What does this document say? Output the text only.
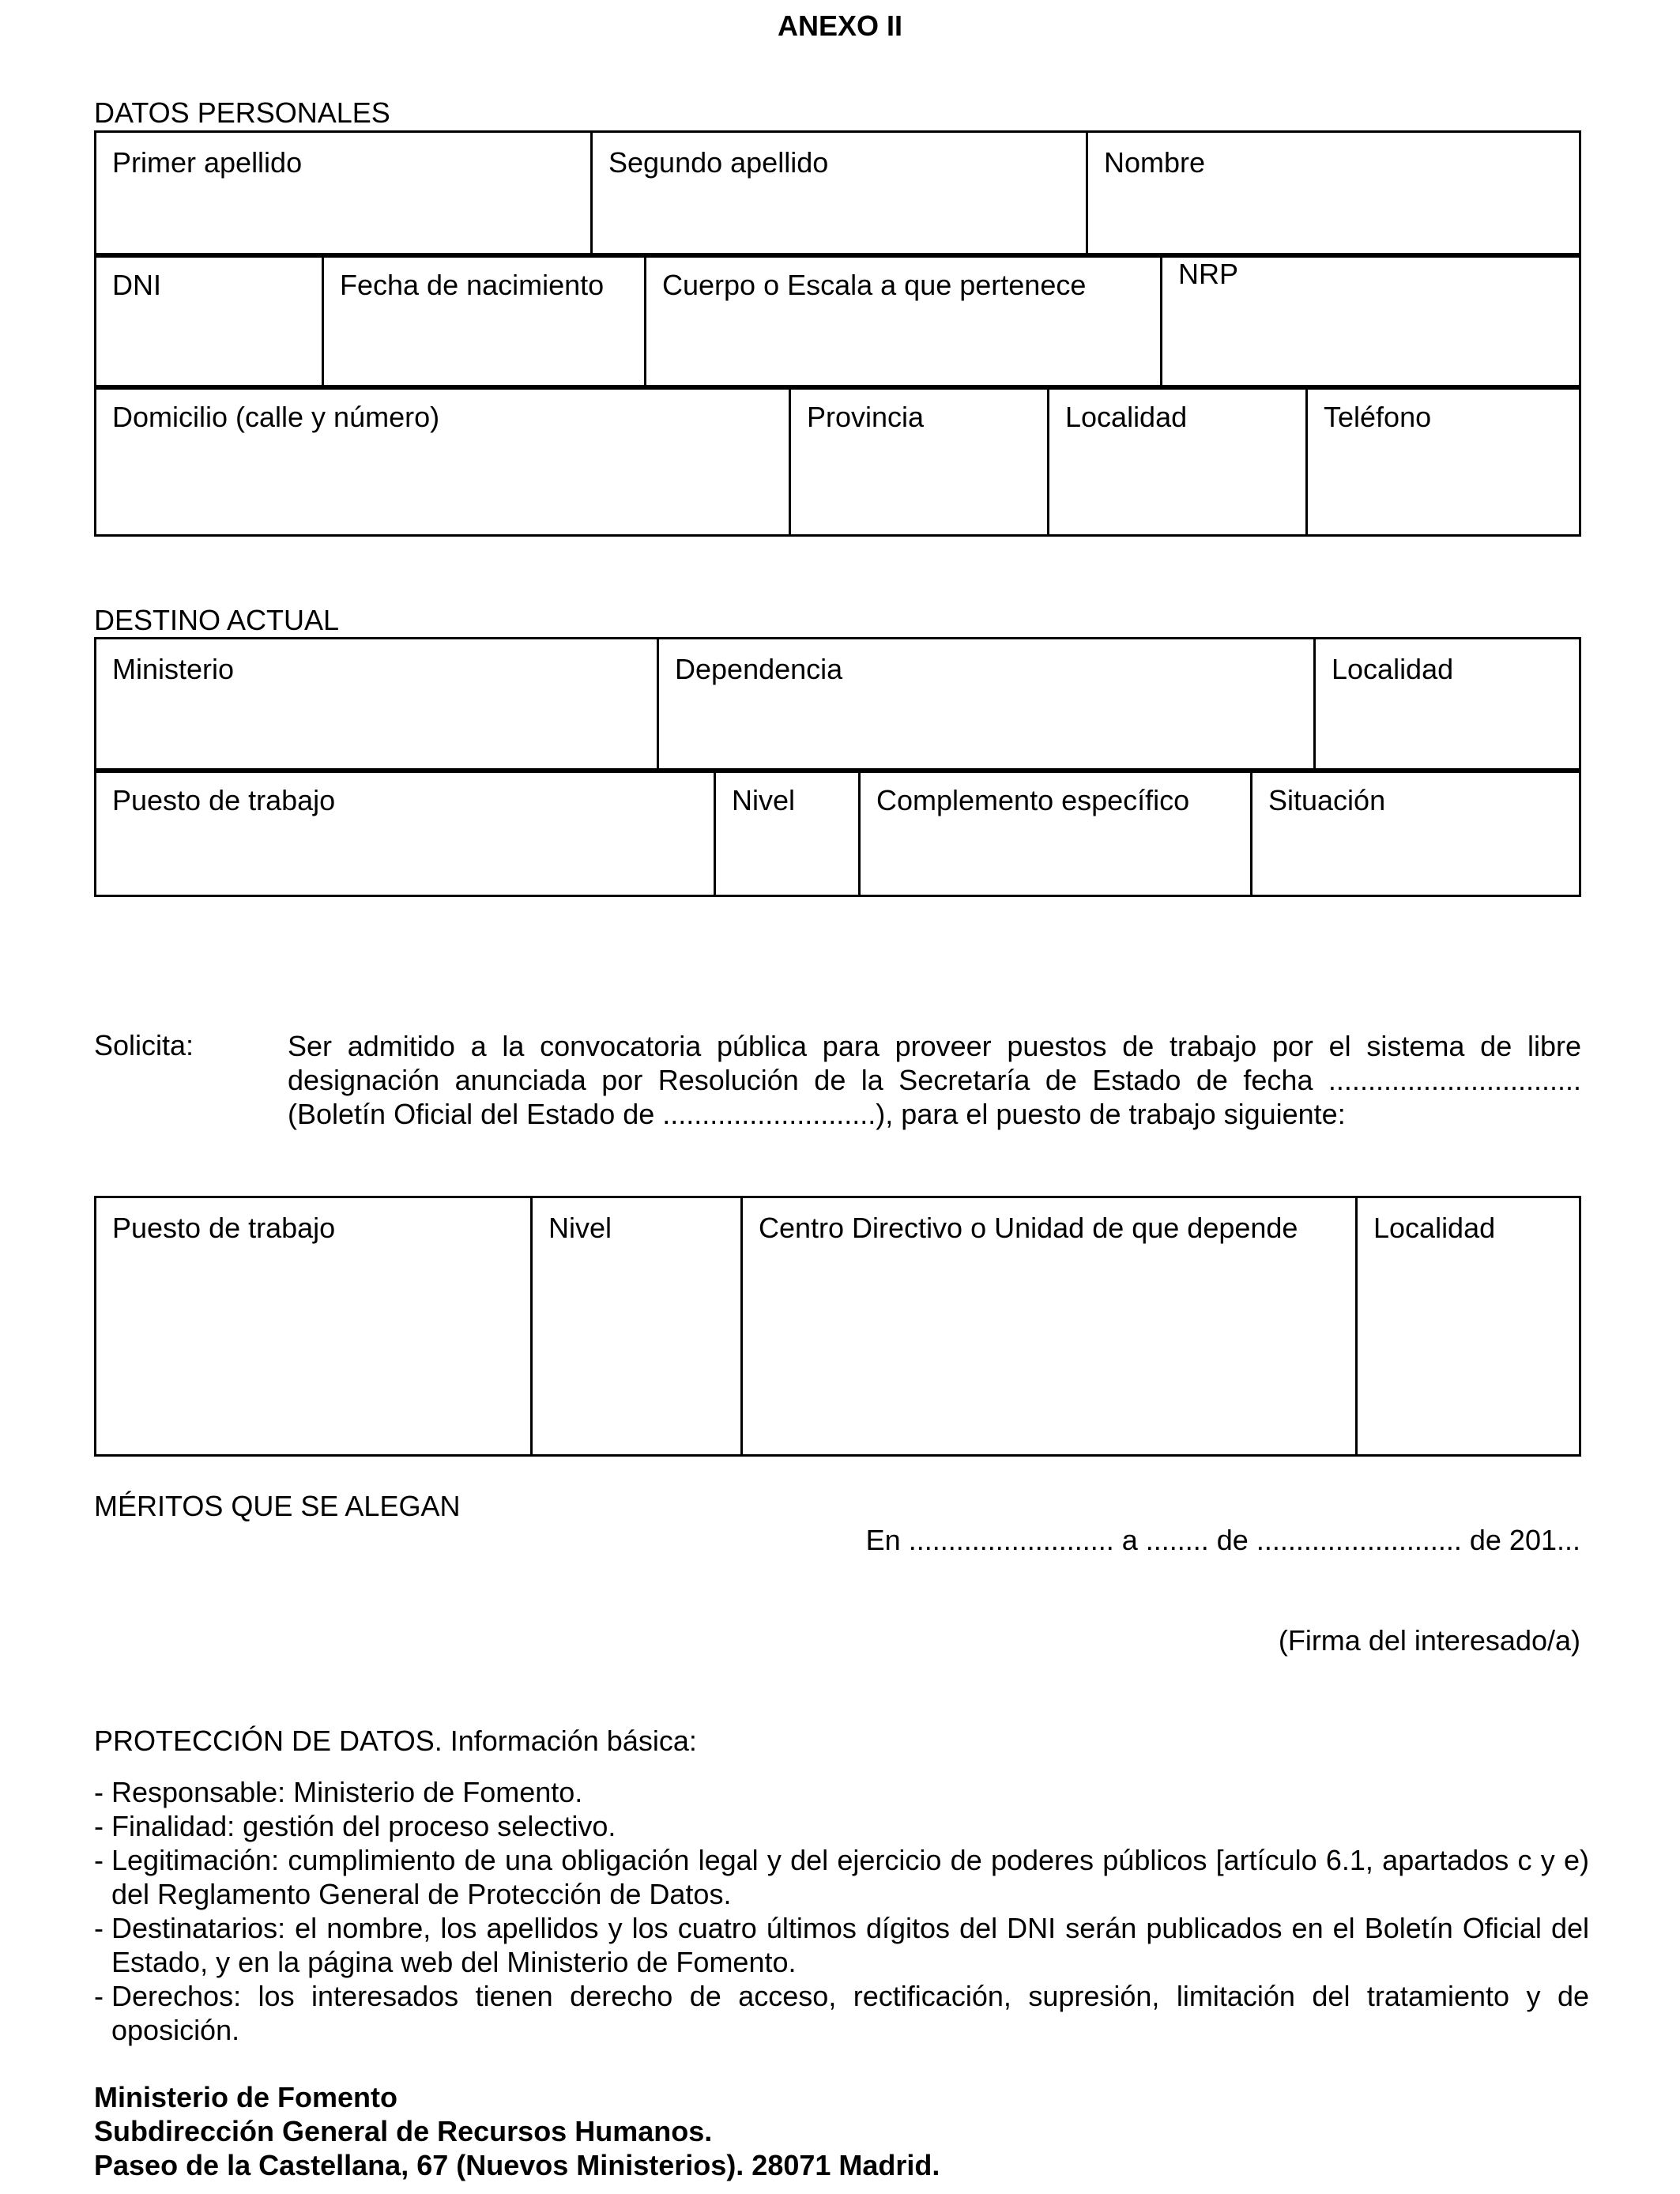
ANEXO II
DATOS PERSONALES
Primer apellido	Segundo apellido	Nombre
DNI	Fecha de nacimiento	Cuerpo o Escala a que pertenece	NRP
Domicilio (calle y número)	Provincia	Localidad	Teléfono
DESTINO ACTUAL
Ministerio	Dependencia	Localidad
Puesto de trabajo	Nivel	Complemento específico	Situación
Solicita:	Ser admitido a la convocatoria pública para proveer puestos de trabajo por el sistema de libre
designación anunciada por Resolución de la Secretaría de Estado de fecha ................................
(Boletín Oficial del Estado de ...........................), para el puesto de trabajo siguiente:
Puesto de trabajo	Nivel	Centro Directivo o Unidad de que depende	Localidad
MÉRITOS QUE SE ALEGAN
En .......................... a ........ de .......................... de 201...
(Firma del interesado/a)
PROTECCIÓN DE DATOS. Información básica:
- Responsable: Ministerio de Fomento.
- Finalidad: gestión del proceso selectivo.
- Legitimación: cumplimiento de una obligación legal y del ejercicio de poderes públicos [artículo 6.1, apartados c y e) del Reglamento General de Protección de Datos.
- Destinatarios: el nombre, los apellidos y los cuatro últimos dígitos del DNI serán publicados en el Boletín Oficial del Estado, y en la página web del Ministerio de Fomento.
- Derechos: los interesados tienen derecho de acceso, rectificación, supresión, limitación del tratamiento y de oposición.
Ministerio de Fomento
Subdirección General de Recursos Humanos.
Paseo de la Castellana, 67 (Nuevos Ministerios). 28071 Madrid.
